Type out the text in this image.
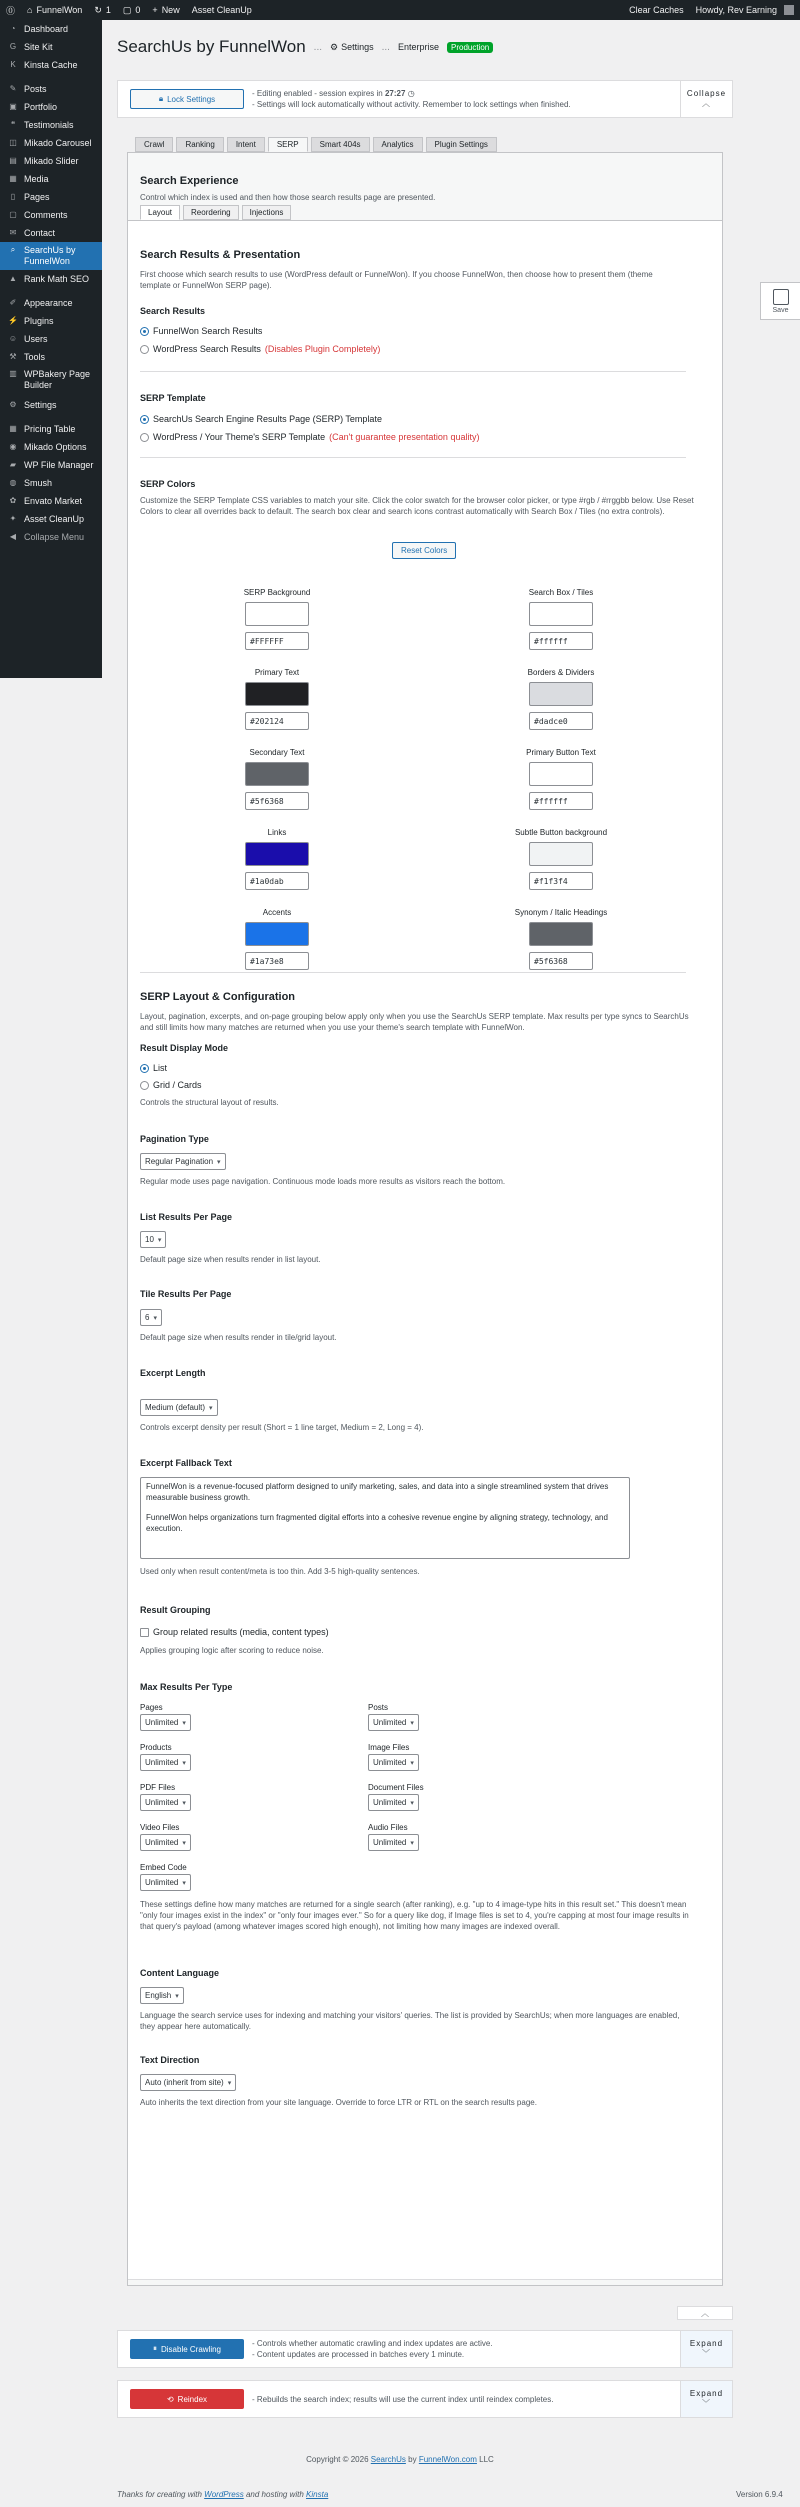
⓪	⌂ FunnelWon ↻ 1 ▢ 0 + New Asset CleanUp	Clear Caches Howdy, Rev Earning
◔ Dashboard
G Site Kit
K Kinsta Cache
✎ Posts
▣ Portfolio
❝ Testimonials
◫ Mikado Carousel
▤ Mikado Slider
▦ Media
▯ Pages
▢ Comments
✉ Contact
⌕ SearchUs by FunnelWon
▲ Rank Math SEO
✐ Appearance
⚡ Plugins
☺ Users
⚒ Tools
▥ WPBakery Page Builder
⚙ Settings
▦ Pricing Table
◉ Mikado Options
▰ WP File Manager
◍ Smush
✿ Envato Market
✦ Asset CleanUp
◀ Collapse Menu
Save
SearchUs by FunnelWon ... ⚙ Settings ... Enterprise	Production
🔒︎ Lock Settings
- Editing enabled - session expires in 27:27 ◷
- Settings will lock automatically without activity. Remember to lock settings when finished.
Collapse
︿
Crawl	Ranking	Intent	SERP	Smart 404s	Analytics	Plugin Settings
Search Experience
Control which index is used and then how those search results page are presented.
Layout	Reordering	Injections
Search Results & Presentation
First choose which search results to use (WordPress default or FunnelWon). If you choose FunnelWon, then choose how to present them (theme template or FunnelWon SERP page).
Search Results
FunnelWon Search Results
WordPress Search Results (Disables Plugin Completely)
SERP Template
SearchUs Search Engine Results Page (SERP) Template
WordPress / Your Theme's SERP Template (Can't guarantee presentation quality)
SERP Colors
Customize the SERP Template CSS variables to match your site. Click the color swatch for the browser color picker, or type #rgb / #rrggbb below. Use Reset Colors to clear all overrides back to default. The search box clear and search icons contrast automatically with Search Box / Tiles (no extra controls).
Reset Colors
SERP Background
#FFFFFF
Search Box / Tiles
#ffffff
Primary Text
#202124
Borders & Dividers
#dadce0
Secondary Text
#5f6368
Primary Button Text
#ffffff
Links
#1a0dab
Subtle Button background
#f1f3f4
Accents
#1a73e8
Synonym / Italic Headings
#5f6368
SERP Layout & Configuration
Layout, pagination, excerpts, and on-page grouping below apply only when you use the SearchUs SERP template. Max results per type syncs to SearchUs and still limits how many matches are returned when you use your theme's search template with FunnelWon.
Result Display Mode
List
Grid / Cards
Controls the structural layout of results.
Pagination Type
Regular Pagination ▾
Regular mode uses page navigation. Continuous mode loads more results as visitors reach the bottom.
List Results Per Page
10 ▾
Default page size when results render in list layout.
Tile Results Per Page
6 ▾
Default page size when results render in tile/grid layout.
Excerpt Length
Medium (default) ▾
Controls excerpt density per result (Short = 1 line target, Medium = 2, Long = 4).
Excerpt Fallback Text
FunnelWon is a revenue-focused platform designed to unify marketing, sales, and data into a single streamlined system that drives measurable business growth.
FunnelWon helps organizations turn fragmented digital efforts into a cohesive revenue engine by aligning strategy, technology, and execution.
Used only when result content/meta is too thin. Add 3-5 high-quality sentences.
Result Grouping
Group related results (media, content types)
Applies grouping logic after scoring to reduce noise.
Max Results Per Type
Pages
Unlimited ▾
Posts
Unlimited ▾
Products
Unlimited ▾
Image Files
Unlimited ▾
PDF Files
Unlimited ▾
Document Files
Unlimited ▾
Video Files
Unlimited ▾
Audio Files
Unlimited ▾
Embed Code
Unlimited ▾
These settings define how many matches are returned for a single search (after ranking), e.g. "up to 4 image-type hits in this result set." This doesn't mean "only four images exist in the index" or "only four images ever." So for a query like dog, if Image files is set to 4, you're capping at most four image results in that query's payload (among whatever images scored high enough), not limiting how many images are indexed overall.
Content Language
English ▾
Language the search service uses for indexing and matching your visitors' queries. The list is provided by SearchUs; when more languages are enabled, they appear here automatically.
Text Direction
Auto (inherit from site) ▾
Auto inherits the text direction from your site language. Override to force LTR or RTL on the search results page.
︿
⏸︎ Disable Crawling
- Controls whether automatic crawling and index updates are active.
- Content updates are processed in batches every 1 minute.
Expand
﹀
⟲ Reindex	- Rebuilds the search index; results will use the current index until reindex completes.
Expand
﹀
Copyright © 2026 SearchUs by FunnelWon.com LLC
Thanks for creating with WordPress and hosting with Kinsta	Version 6.9.4
